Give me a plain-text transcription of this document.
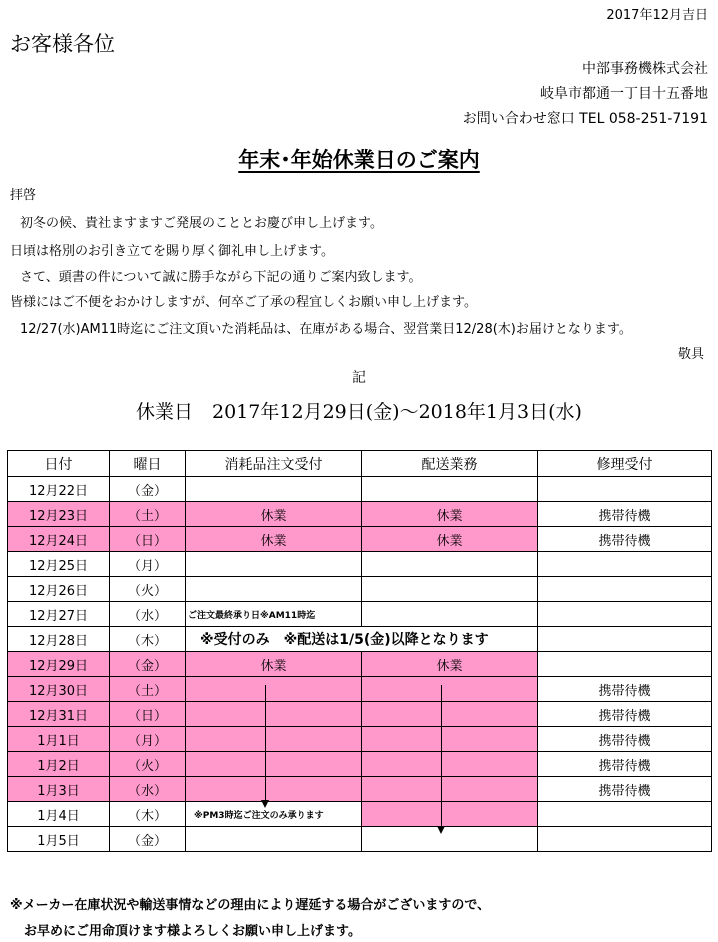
2017年12月吉日
お客様各位
中部事務機株式会社
岐阜市都通一丁目十五番地
お問い合わせ窓口 TEL 058-251-7191
年末･年始休業日のご案内
拝啓
初冬の候、貴社ますますご発展のこととお慶び申し上げます。
日頃は格別のお引き立てを賜り厚く御礼申し上げます。
さて、頭書の件について誠に勝手ながら下記の通りご案内致します。
皆様にはご不便をおかけしますが、何卒ご了承の程宜しくお願い申し上げます。
12/27(水)AM11時迄にご注文頂いた消耗品は、在庫がある場合、翌営業日12/28(木)お届けとなります。
敬具
記
休業日　2017年12月29日(金)～2018年1月3日(水)
日付	曜日	消耗品注文受付	配送業務	修理受付
12月22日	（金）			
12月23日	（土）	休業	休業	携帯待機
12月24日	（日）	休業	休業	携帯待機
12月25日	（月）			
12月26日	（火）			
12月27日	（水）	ご注文最終承り日※AM11時迄		
12月28日	（木）	※受付のみ　※配送は1/5(金)以降となります		
12月29日	（金）	休業	休業	
12月30日	（土）			携帯待機
12月31日	（日）			携帯待機
1月1日	（月）			携帯待機
1月2日	（火）			携帯待機
1月3日	（水）			携帯待機
1月4日	（木）	※PM3時迄ご注文のみ承ります		
1月5日	（金）			
※メーカー在庫状況や輸送事情などの理由により遅延する場合がございますので、
お早めにご用命頂けます様よろしくお願い申し上げます。
